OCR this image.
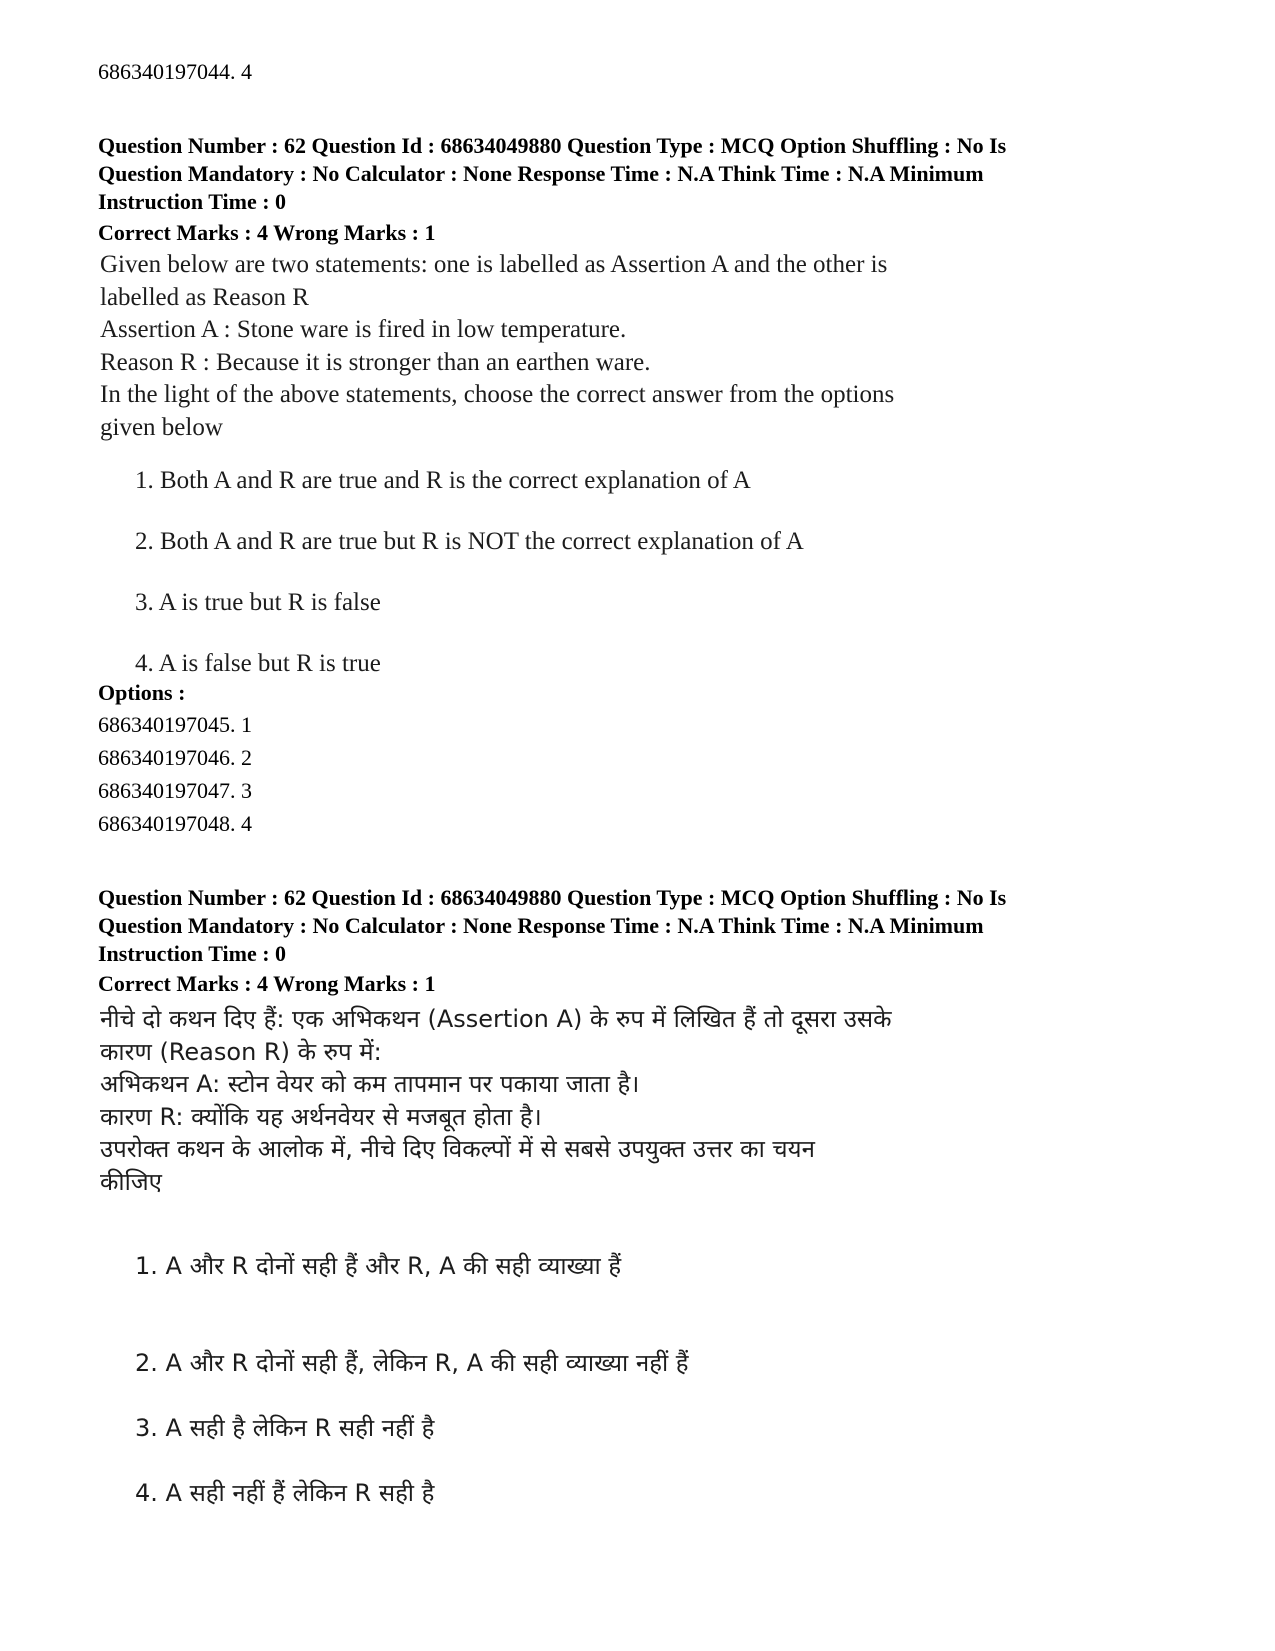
686340197044. 4
Question Number : 62 Question Id : 68634049880 Question Type : MCQ Option Shuffling : No Is
Question Mandatory : No Calculator : None Response Time : N.A Think Time : N.A Minimum
Instruction Time : 0
Correct Marks : 4 Wrong Marks : 1
Given below are two statements: one is labelled as Assertion A and the other is
labelled as Reason R
Assertion A : Stone ware is fired in low temperature.
Reason R : Because it is stronger than an earthen ware.
In the light of the above statements, choose the correct answer from the options
given below
1. Both A and R are true and R is the correct explanation of A
2. Both A and R are true but R is NOT the correct explanation of A
3. A is true but R is false
4. A is false but R is true
Options :
686340197045. 1
686340197046. 2
686340197047. 3
686340197048. 4
Question Number : 62 Question Id : 68634049880 Question Type : MCQ Option Shuffling : No Is
Question Mandatory : No Calculator : None Response Time : N.A Think Time : N.A Minimum
Instruction Time : 0
Correct Marks : 4 Wrong Marks : 1
नीचे दो कथन दिए हैं: एक अभिकथन (Assertion A) के रुप में लिखित हैं तो दूसरा उसके
कारण (Reason R) के रुप में:
अभिकथन A: स्टोन वेयर को कम तापमान पर पकाया जाता है।
कारण R: क्योंकि यह अर्थनवेयर से मजबूत होता है।
उपरोक्त कथन के आलोक में, नीचे दिए विकल्पों में से सबसे उपयुक्त उत्तर का चयन
कीजिए
1. A और R दोनों सही हैं और R, A की सही व्याख्या हैं
2. A और R दोनों सही हैं, लेकिन R, A की सही व्याख्या नहीं हैं
3. A सही है लेकिन R सही नहीं है
4. A सही नहीं हैं लेकिन R सही है
